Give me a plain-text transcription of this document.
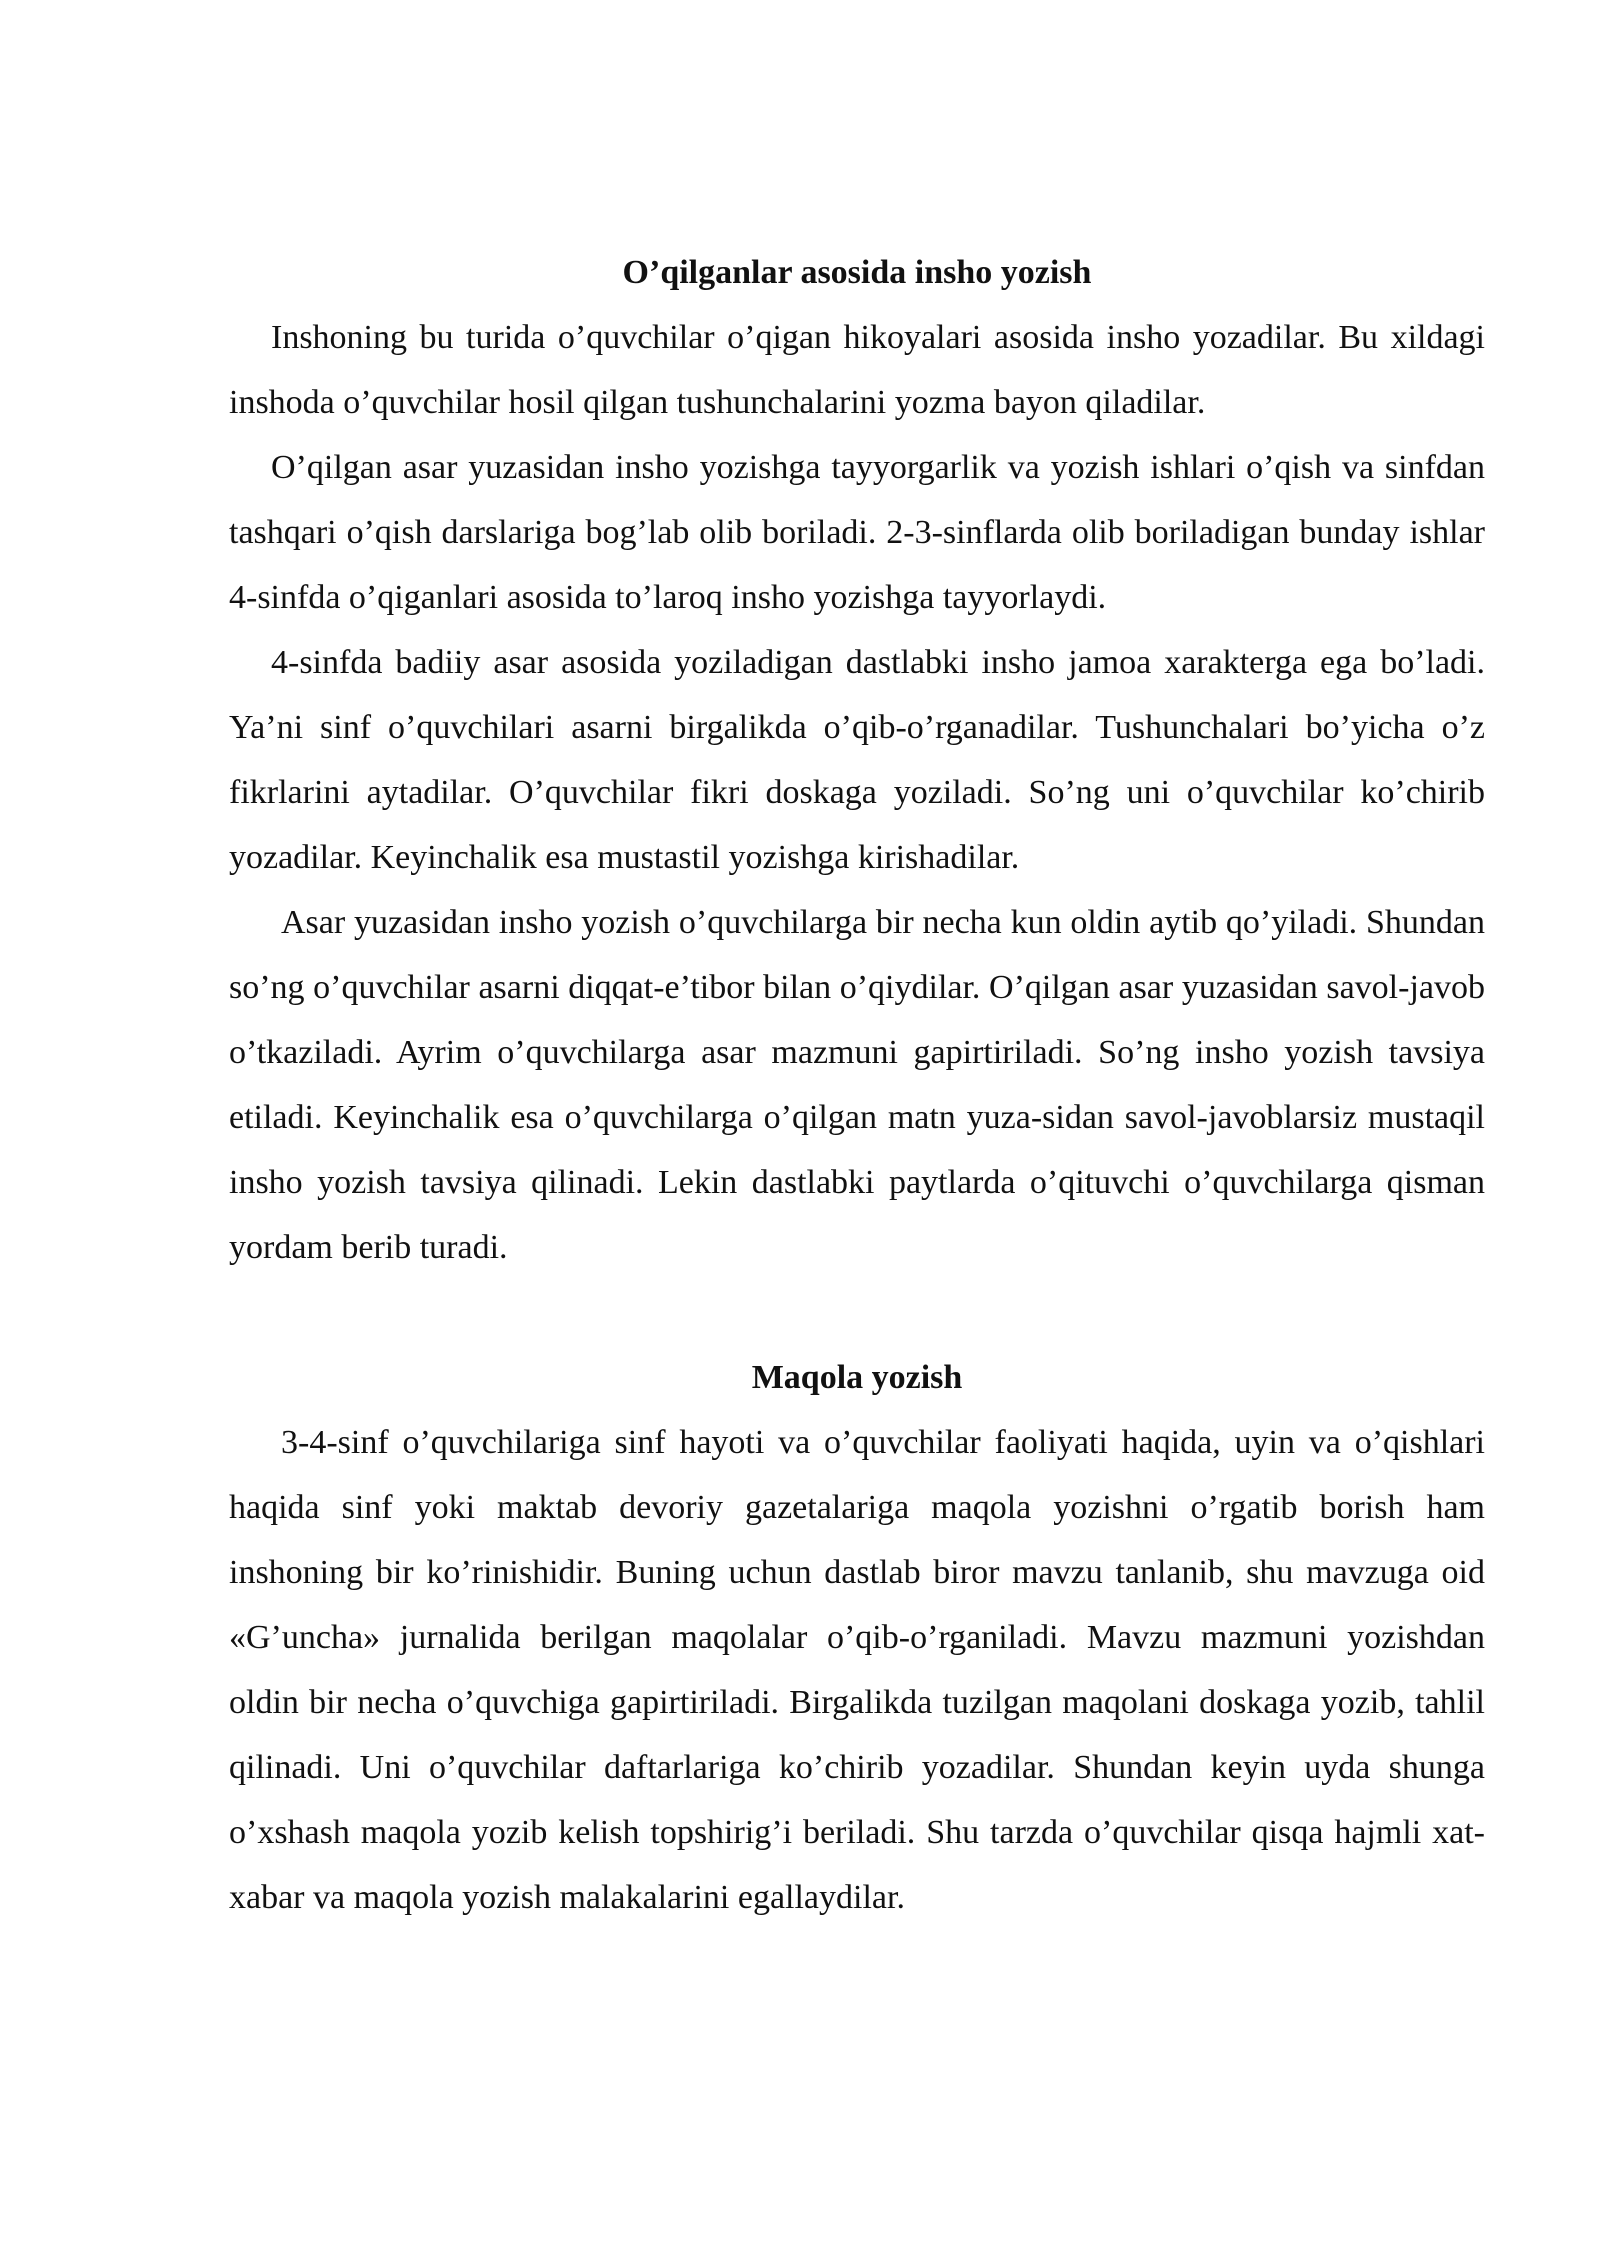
O’qilganlar asosida insho yozish

Inshoning bu turida o’quvchilar o’qigan hikoyalari asosida insho yozadilar. Bu xildagi inshoda o’quvchilar hosil qilgan tushunchalarini yozma bayon qiladilar.

O’qilgan asar yuzasidan insho yozishga tayyorgarlik va yozish ishlari o’qish va sinfdan tashqari o’qish darslariga bog’lab olib boriladi. 2-3-sinflarda olib boriladigan bunday ishlar 4-sinfda o’qiganlari asosida to’laroq insho yozishga tayyorlaydi.

4-sinfda badiiy asar asosida yoziladigan dastlabki insho jamoa xarakterga ega bo’ladi. Ya’ni sinf o’quvchilari asarni birgalikda o’qib-o’rganadilar. Tushunchalari bo’yicha o’z fikrlarini aytadilar. O’quvchilar fikri doskaga yoziladi. So’ng uni o’quvchilar ko’chirib yozadilar. Keyinchalik esa mustastil yozishga kirishadilar.

Asar yuzasidan insho yozish o’quvchilarga bir necha kun oldin aytib qo’yiladi. Shundan so’ng o’quvchilar asarni diqqat-e’tibor bilan o’qiydilar. O’qilgan asar yuzasidan savol-javob o’tkaziladi. Ayrim o’quvchilarga asar mazmuni gapirtiriladi. So’ng insho yozish tavsiya etiladi. Keyinchalik esa o’quvchilarga o’qilgan matn yuza-sidan savol-javoblarsiz mustaqil insho yozish tavsiya qilinadi. Lekin dastlabki paytlarda o’qituvchi o’quvchilarga qisman yordam berib turadi.

Maqola yozish

3-4-sinf o’quvchilariga sinf hayoti va o’quvchilar faoliyati haqida, uyin va o’qishlari haqida sinf yoki maktab devoriy gazetalariga maqola yozishni o’rgatib borish ham inshoning bir ko’rinishidir. Buning uchun dastlab biror mavzu tanlanib, shu mavzuga oid «G’uncha» jurnalida berilgan maqolalar o’qib-o’rganiladi. Mavzu mazmuni yozishdan oldin bir necha o’quvchiga gapirtiriladi. Birgalikda tuzilgan maqolani doskaga yozib, tahlil qilinadi. Uni o’quvchilar daftarlariga ko’chirib yozadilar. Shundan keyin uyda shunga o’xshash maqola yozib kelish topshirig’i beriladi. Shu tarzda o’quvchilar qisqa hajmli xat-xabar va maqola yozish malakalarini egallaydilar.
